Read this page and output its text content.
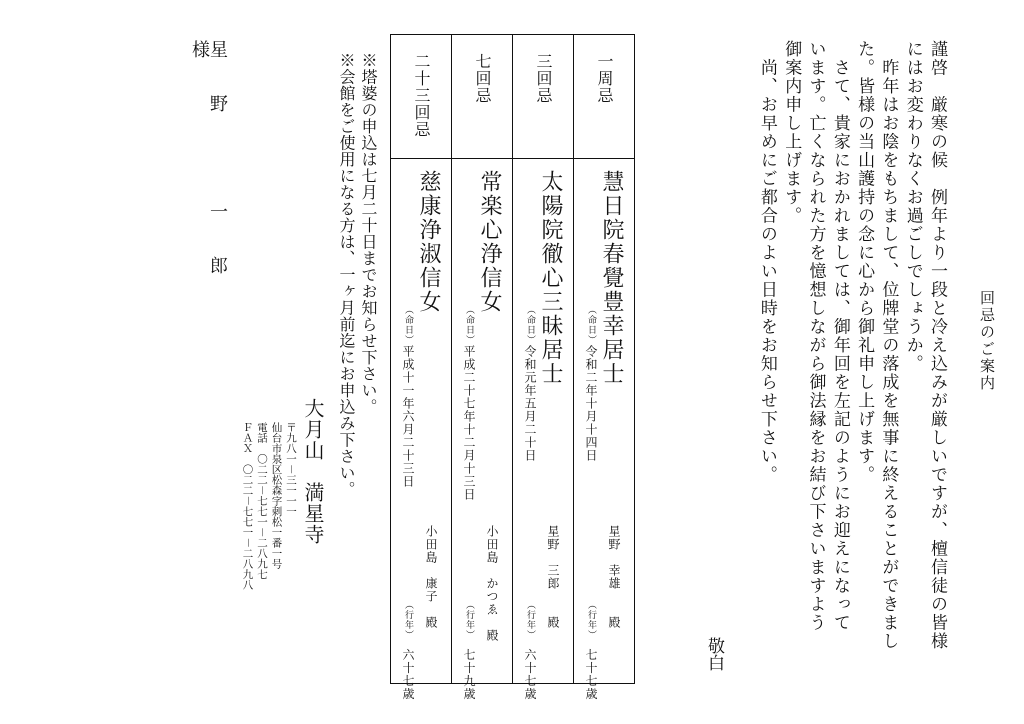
回忌のご案内
謹啓　厳寒の候　例年より一段と冷え込みが厳しいですが、檀信徒の皆様
にはお変わりなくお過ごしでしょうか。
　昨年はお陰をもちまして、位牌堂の落成を無事に終えることができまし
た。皆様の当山護持の念に心から御礼申し上げます。
　さて、貴家におかれましては、御年回を左記のようにお迎えになって
います。亡くなられた方を憶想しながら御法縁をお結び下さいますよう
御案内申し上げます。
　尚、お早めにご都合のよい日時をお知らせ下さい。
敬白
一周忌
慧日院春覺豊幸居士
（命日）令和二年十月十四日
星野　幸雄　　殿
（行年）　七十七歳
三回忌
太陽院徹心三昧居士
（命日）令和元年五月二十日
星野　三郎　　殿
（行年）　六十七歳
七回忌
常楽心浄信女
（命日）平成二十七年十二月十三日
小田島　かつゑ　殿
（行年）　七十九歳
二十三回忌
慈康浄淑信女
（命日）平成十一年六月二十三日
小田島　康子　殿
（行年）　六十七歳
※塔婆の申込は七月二十日までお知らせ下さい。
※会館をご使用になる方は、一ヶ月前迄にお申込み下さい。
大月山　満星寺
〒九八一－三一一一
仙台市泉区松森字刺松一番一号
電話　〇二二－七七一－二八九七
ＦＡＸ　〇二二－七七一－二八九八
星野　一郎
様
